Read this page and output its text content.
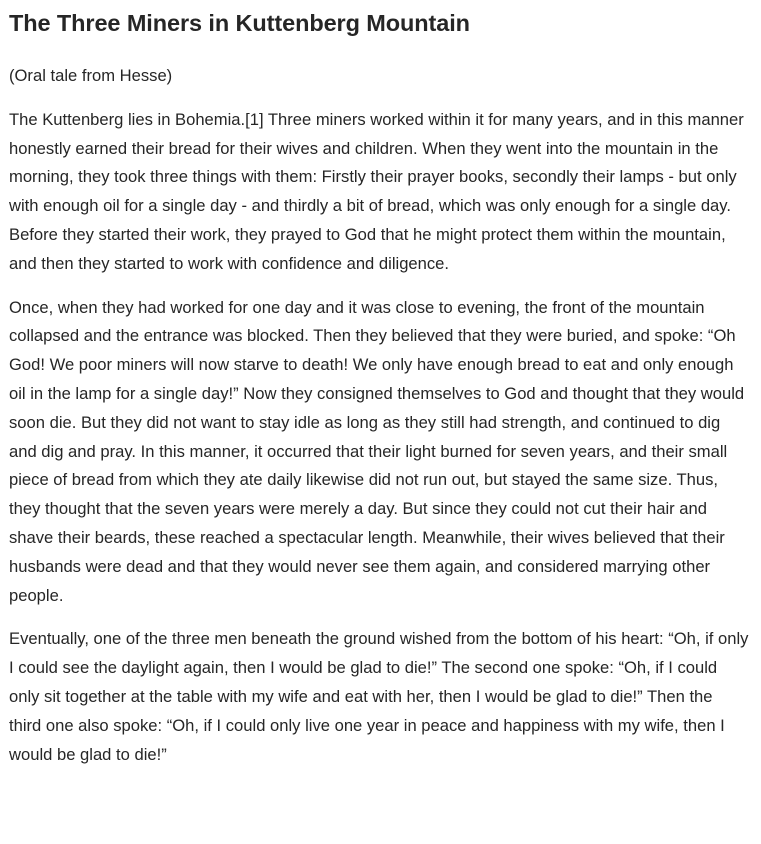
The Three Miners in Kuttenberg Mountain

(Oral tale from Hesse)

The Kuttenberg lies in Bohemia.[1] Three miners worked within it for many years, and in this manner honestly earned their bread for their wives and children. When they went into the mountain in the morning, they took three things with them: Firstly their prayer books, secondly their lamps - but only with enough oil for a single day - and thirdly a bit of bread, which was only enough for a single day. Before they started their work, they prayed to God that he might protect them within the mountain, and then they started to work with confidence and diligence.

Once, when they had worked for one day and it was close to evening, the front of the mountain collapsed and the entrance was blocked. Then they believed that they were buried, and spoke: “Oh God! We poor miners will now starve to death! We only have enough bread to eat and only enough oil in the lamp for a single day!” Now they consigned themselves to God and thought that they would soon die. But they did not want to stay idle as long as they still had strength, and continued to dig and dig and pray. In this manner, it occurred that their light burned for seven years, and their small piece of bread from which they ate daily likewise did not run out, but stayed the same size. Thus, they thought that the seven years were merely a day. But since they could not cut their hair and shave their beards, these reached a spectacular length. Meanwhile, their wives believed that their husbands were dead and that they would never see them again, and considered marrying other people.

Eventually, one of the three men beneath the ground wished from the bottom of his heart: “Oh, if only I could see the daylight again, then I would be glad to die!” The second one spoke: “Oh, if I could only sit together at the table with my wife and eat with her, then I would be glad to die!” Then the third one also spoke: “Oh, if I could only live one year in peace and happiness with my wife, then I would be glad to die!”
